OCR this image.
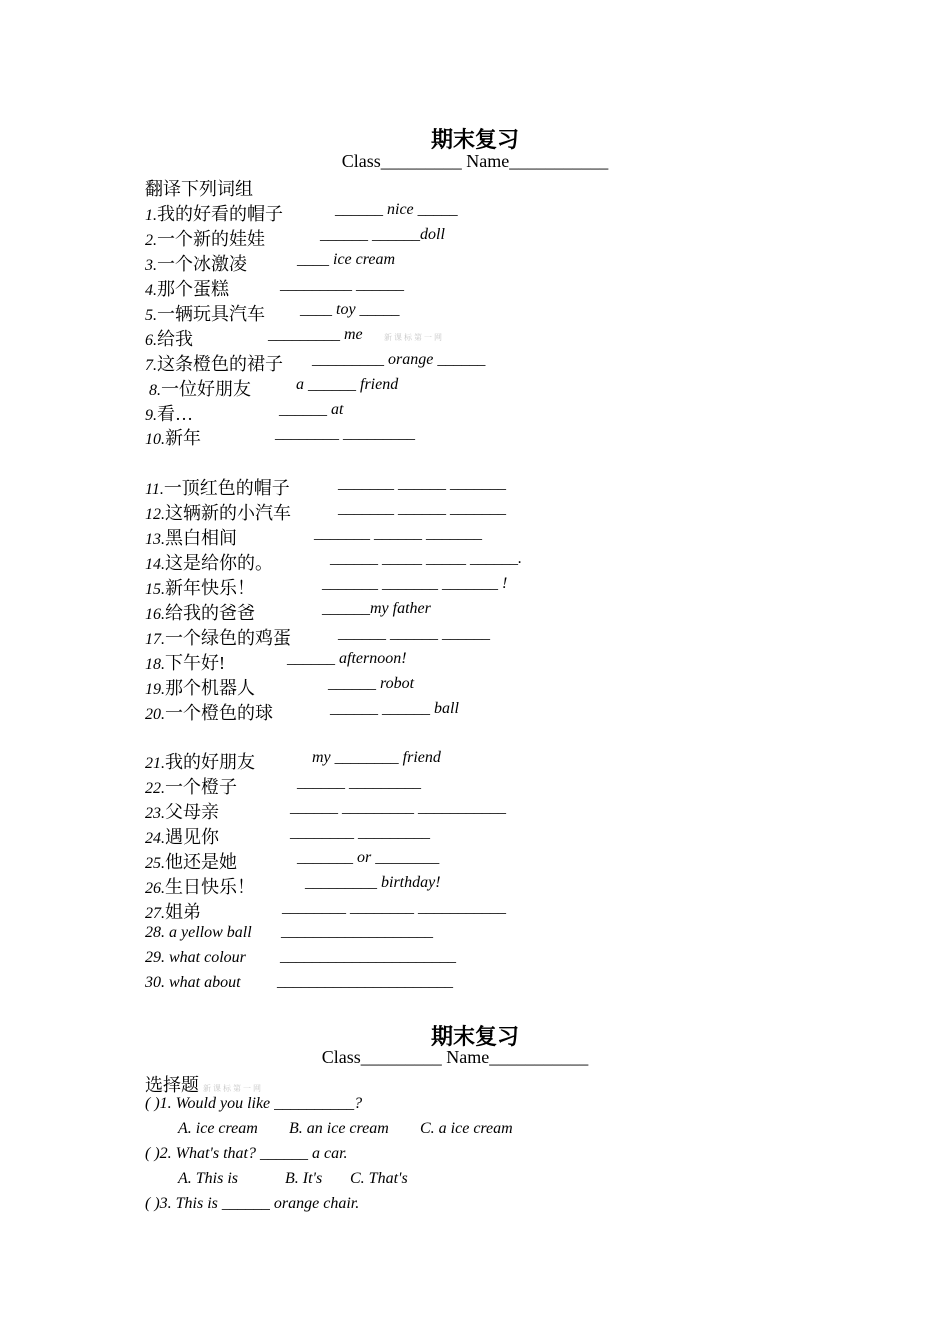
期末复习
Class_________ Name___________
翻译下列词组
1.我的好看的帽子	______ nice _____
2.一个新的娃娃	______ ______doll
3.一个冰激凌	____ ice cream
4.那个蛋糕	_________ ______
5.一辆玩具汽车 ____ toy _____
6.给我	_________ me	新 课 标 第 一 网
7.这条橙色的裙子 _________ orange ______
8.一位好朋友	a ______ friend
9.看…	______ at
10.新年	________ _________
11.一顶红色的帽子	_______ ______ _______
12.这辆新的小汽车	_______ ______ _______
13.黑白相间	_______ ______ _______
14.这是给你的。	______ _____ _____ ______.
15.新年快乐！	_______ _______ _______ !
16.给我的爸爸	______my father
17.一个绿色的鸡蛋	______ ______ ______
18.下午好!	______ afternoon!
19.那个机器人	______ robot
20.一个橙色的球	______ ______ ball
21.我的好朋友	my ________ friend
22.一个橙子	______ _________
23.父母亲	______ _________ ___________
24.遇见你	________ _________
25.他还是她	_______ or ________
26.生日快乐！	_________ birthday!
27.姐弟	________ ________ ___________
28. a yellow ball ___________________
29. what colour ______________________
30. what about ______________________
期末复习
Class_________ Name___________
选择题 新 课 标 第 一 网
( )1. Would you like __________?
A. ice cream B. an ice cream C. a ice cream
( )2. What's that? ______ a car.
A. This is	B. It's C. That's
( )3. This is ______ orange chair.
